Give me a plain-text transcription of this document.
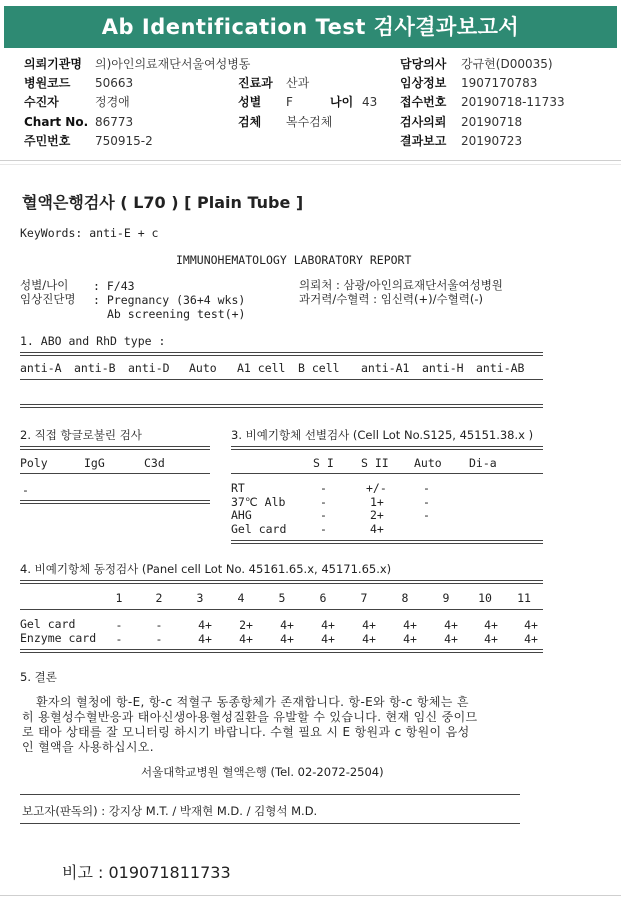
Ab Identification Test 검사결과보고서
의뢰기관명 의)아인의료재단서울여성병동	담당의사 강규현(D00035)
병원코드 50663	진료과 산과	임상정보 1907170783
수진자	정경애	성별 F	나이 43 접수번호 20190718-11733
Chart No. 86773	검체 복수검체	검사의뢰 20190718
주민번호 750915-2	결과보고 20190723
혈액은행검사 ( L70 ) [ Plain Tube ]
KeyWords: anti-E + c
IMMUNOHEMATOLOGY LABORATORY REPORT
성별/나이 : F/43
임상진단명 : Pregnancy (36+4 wks)
Ab screening test(+)
의뢰처 : 삼광/아인의료재단서울여성병원
과거력/수혈력 : 임신력(+)/수혈력(-)
1. ABO and RhD type :
anti-A anti-B anti-D Auto A1 cell B cell anti-A1 anti-H anti-AB
2. 직접 항글로불린 검사
Poly	IgG	C3d
-
3. 비예기항체 선별검사 (Cell Lot No.S125, 45151.38.x )
S I S II Auto Di-a
RT	-	+/-	-
37℃ Alb	-	1+	-
AHG	-	2+	-
Gel card	-	4+
4. 비예기항체 동정검사 (Panel cell Lot No. 45161.65.x, 45171.65.x)
1	2	3	4	5	6	7	8	9	10	11
Gel card	-	-	4+	2+	4+	4+	4+	4+	4+	4+	4+
Enzyme card	-	-	4+	4+	4+	4+	4+	4+	4+	4+	4+
5. 결론
환자의 혈청에 항-E, 항-c 적혈구 동종항체가 존재합니다. 항-E와 항-c 항체는 흔
히 용혈성수혈반응과 태아신생아용혈성질환을 유발할 수 있습니다. 현재 임신 중이므
로 태아 상태를 잘 모니터링 하시기 바랍니다. 수혈 필요 시 E 항원과 c 항원이 음성
인 혈액을 사용하십시오.
서울대학교병원 혈액은행 (Tel. 02-2072-2504)
보고자(판독의) : 강지상 M.T. / 박재현 M.D. / 김형석 M.D.
비고 : 019071811733
